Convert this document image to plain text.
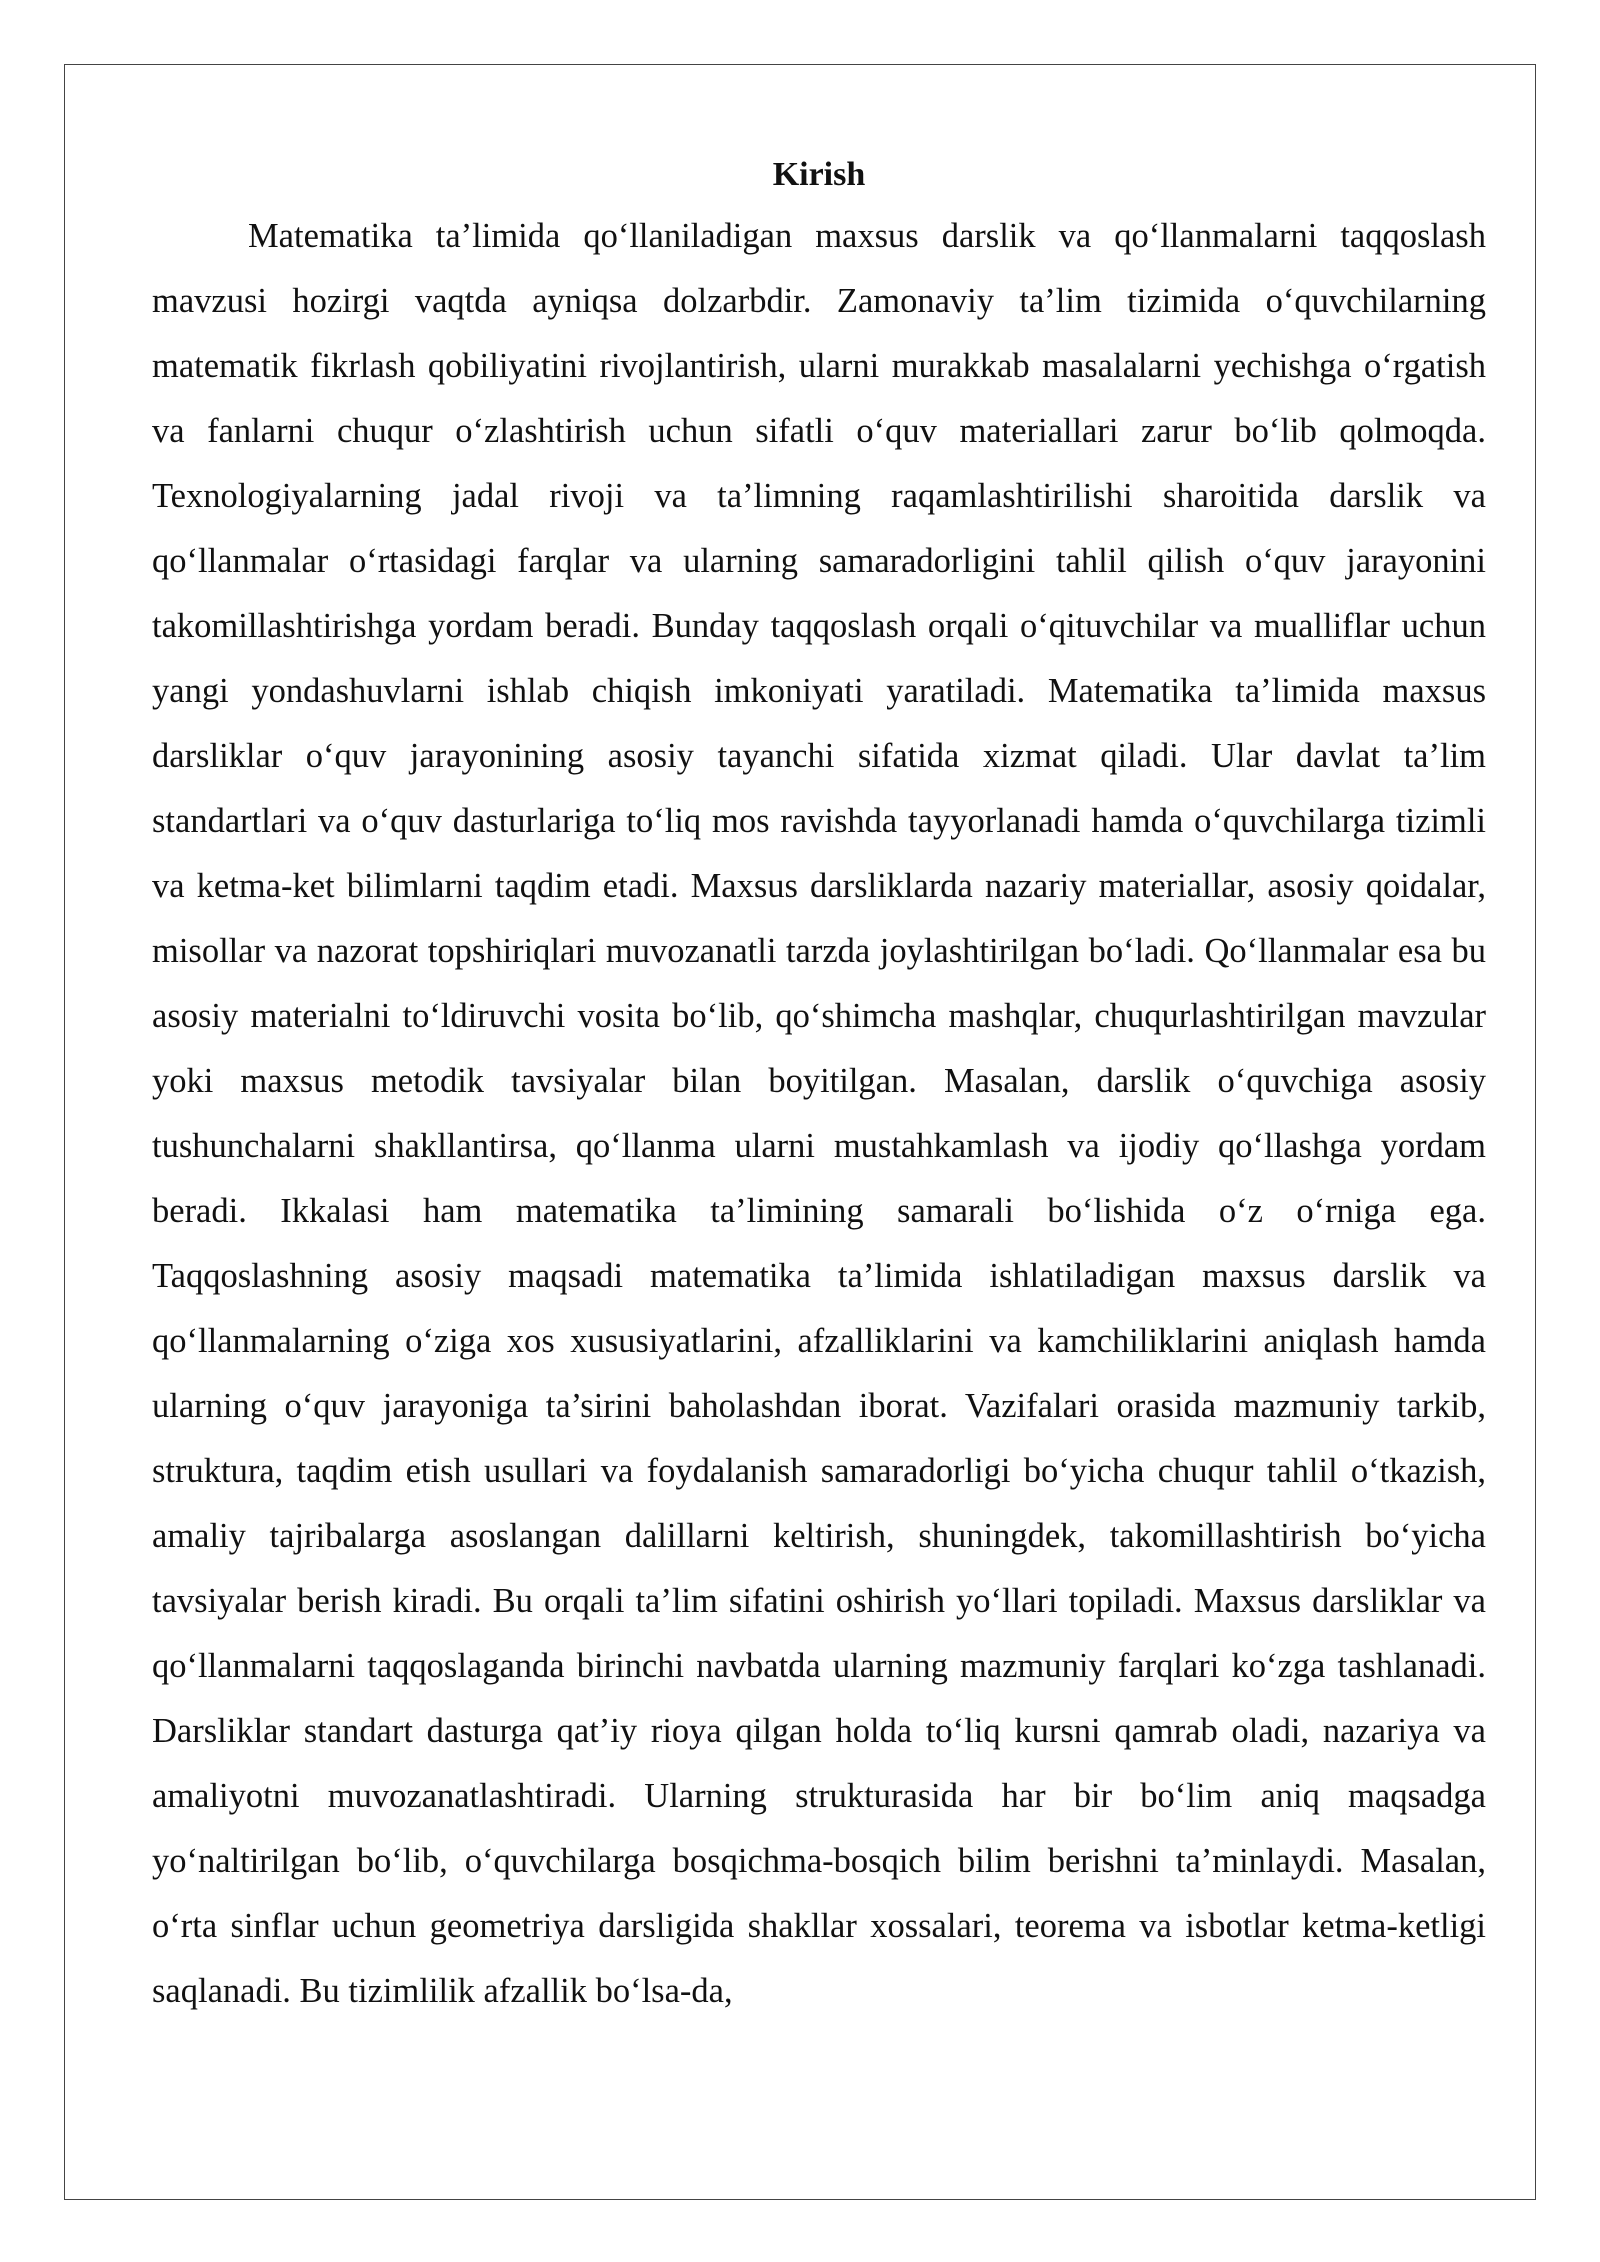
Kirish

Matematika ta’limida qo‘llaniladigan maxsus darslik va qo‘llanmalarni taqqoslash mavzusi hozirgi vaqtda ayniqsa dolzarbdir. Zamonaviy ta’lim tizimida o‘quvchilarning matematik fikrlash qobiliyatini rivojlantirish, ularni murakkab masalalarni yechishga o‘rgatish va fanlarni chuqur o‘zlashtirish uchun sifatli o‘quv materiallari zarur bo‘lib qolmoqda. Texnologiyalarning jadal rivoji va ta’limning raqamlashtirilishi sharoitida darslik va qo‘llanmalar o‘rtasidagi farqlar va ularning samaradorligini tahlil qilish o‘quv jarayonini takomillashtirishga yordam beradi. Bunday taqqoslash orqali o‘qituvchilar va mualliflar uchun yangi yondashuvlarni ishlab chiqish imkoniyati yaratiladi. Matematika ta’limida maxsus darsliklar o‘quv jarayonining asosiy tayanchi sifatida xizmat qiladi. Ular davlat ta’lim standartlari va o‘quv dasturlariga to‘liq mos ravishda tayyorlanadi hamda o‘quvchilarga tizimli va ketma-ket bilimlarni taqdim etadi. Maxsus darsliklarda nazariy materiallar, asosiy qoidalar, misollar va nazorat topshiriqlari muvozanatli tarzda joylashtirilgan bo‘ladi. Qo‘llanmalar esa bu asosiy materialni to‘ldiruvchi vosita bo‘lib, qo‘shimcha mashqlar, chuqurlashtirilgan mavzular yoki maxsus metodik tavsiyalar bilan boyitilgan. Masalan, darslik o‘quvchiga asosiy tushunchalarni shakllantirsa, qo‘llanma ularni mustahkamlash va ijodiy qo‘llashga yordam beradi. Ikkalasi ham matematika ta’limining samarali bo‘lishida o‘z o‘rniga ega. Taqqoslashning asosiy maqsadi matematika ta’limida ishlatiladigan maxsus darslik va qo‘llanmalarning o‘ziga xos xususiyatlarini, afzalliklarini va kamchiliklarini aniqlash hamda ularning o‘quv jarayoniga ta’sirini baholashdan iborat. Vazifalari orasida mazmuniy tarkib, struktura, taqdim etish usullari va foydalanish samaradorligi bo‘yicha chuqur tahlil o‘tkazish, amaliy tajribalarga asoslangan dalillarni keltirish, shuningdek, takomillashtirish bo‘yicha tavsiyalar berish kiradi. Bu orqali ta’lim sifatini oshirish yo‘llari topiladi. Maxsus darsliklar va qo‘llanmalarni taqqoslaganda birinchi navbatda ularning mazmuniy farqlari ko‘zga tashlanadi. Darsliklar standart dasturga qat’iy rioya qilgan holda to‘liq kursni qamrab oladi, nazariya va amaliyotni muvozanatlashtiradi. Ularning strukturasida har bir bo‘lim aniq maqsadga yo‘naltirilgan bo‘lib, o‘quvchilarga bosqichma-bosqich bilim berishni ta’minlaydi. Masalan, o‘rta sinflar uchun geometriya darsligida shakllar xossalari, teorema va isbotlar ketma-ketligi saqlanadi. Bu tizimlilik afzallik bo‘lsa-da,
